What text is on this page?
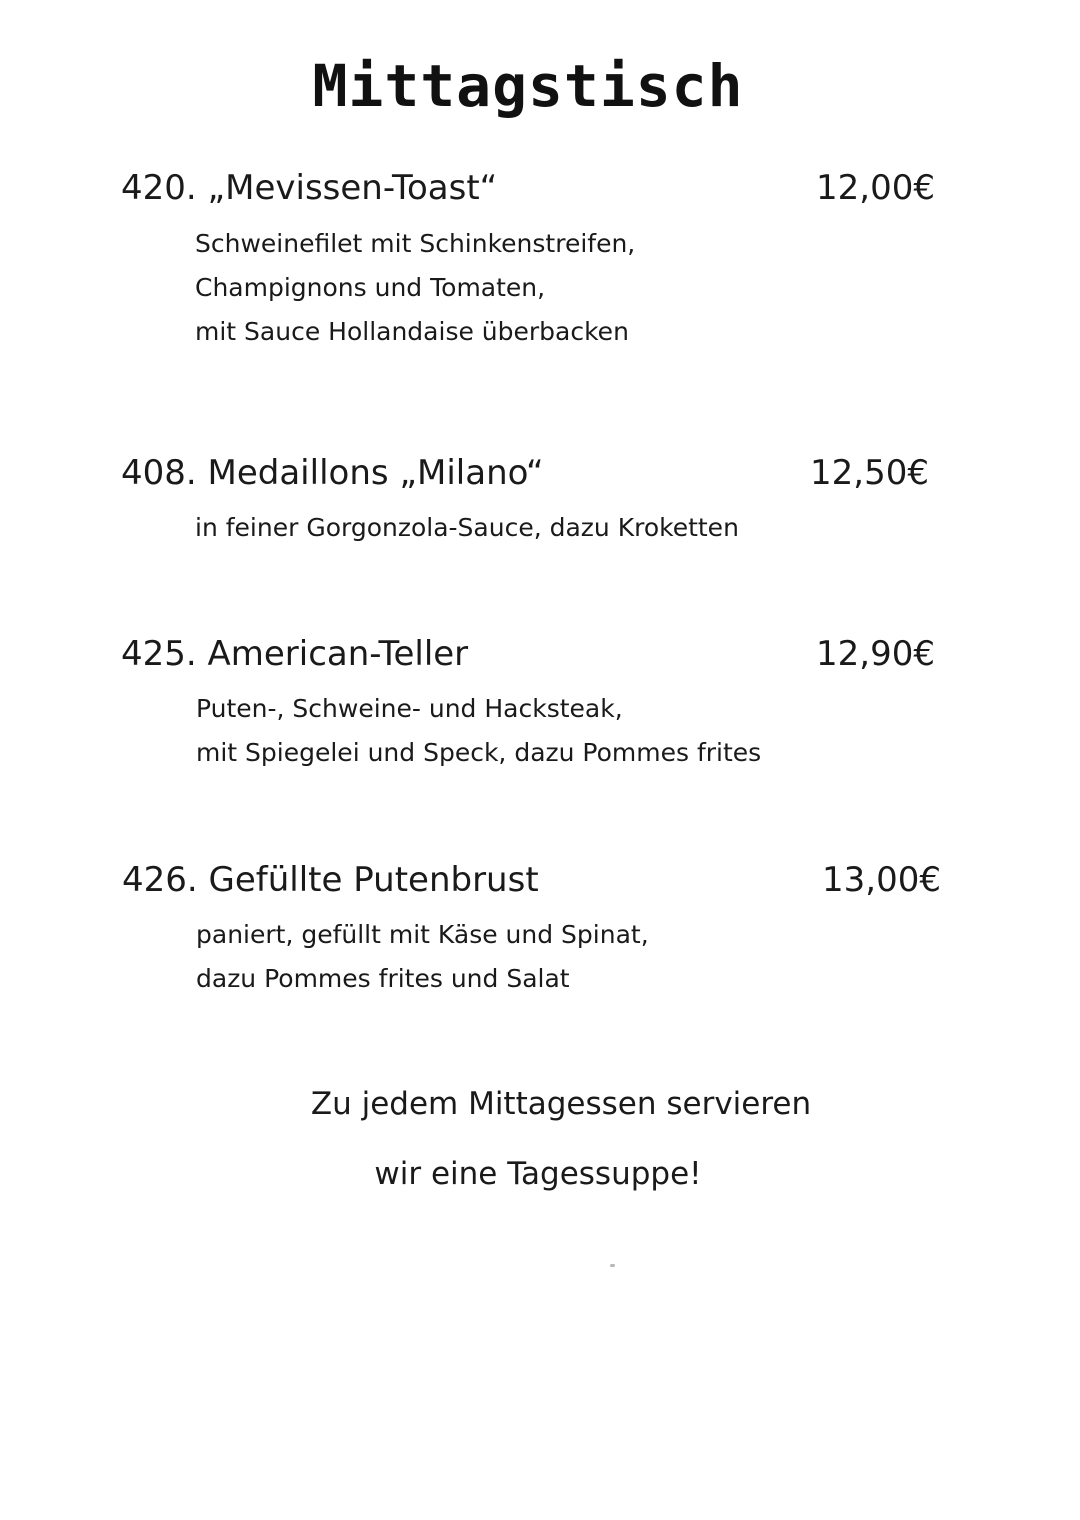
Mittagstisch
420. „Mevissen-Toast“	12,00€
Schweinefilet mit Schinkenstreifen,
Champignons und Tomaten,
mit Sauce Hollandaise überbacken
408. Medaillons „Milano“	12,50€
in feiner Gorgonzola-Sauce, dazu Kroketten
425. American-Teller	12,90€
Puten-, Schweine- und Hacksteak,
mit Spiegelei und Speck, dazu Pommes frites
426. Gefüllte Putenbrust	13,00€
paniert, gefüllt mit Käse und Spinat,
dazu Pommes frites und Salat
Zu jedem Mittagessen servieren
wir eine Tagessuppe!
